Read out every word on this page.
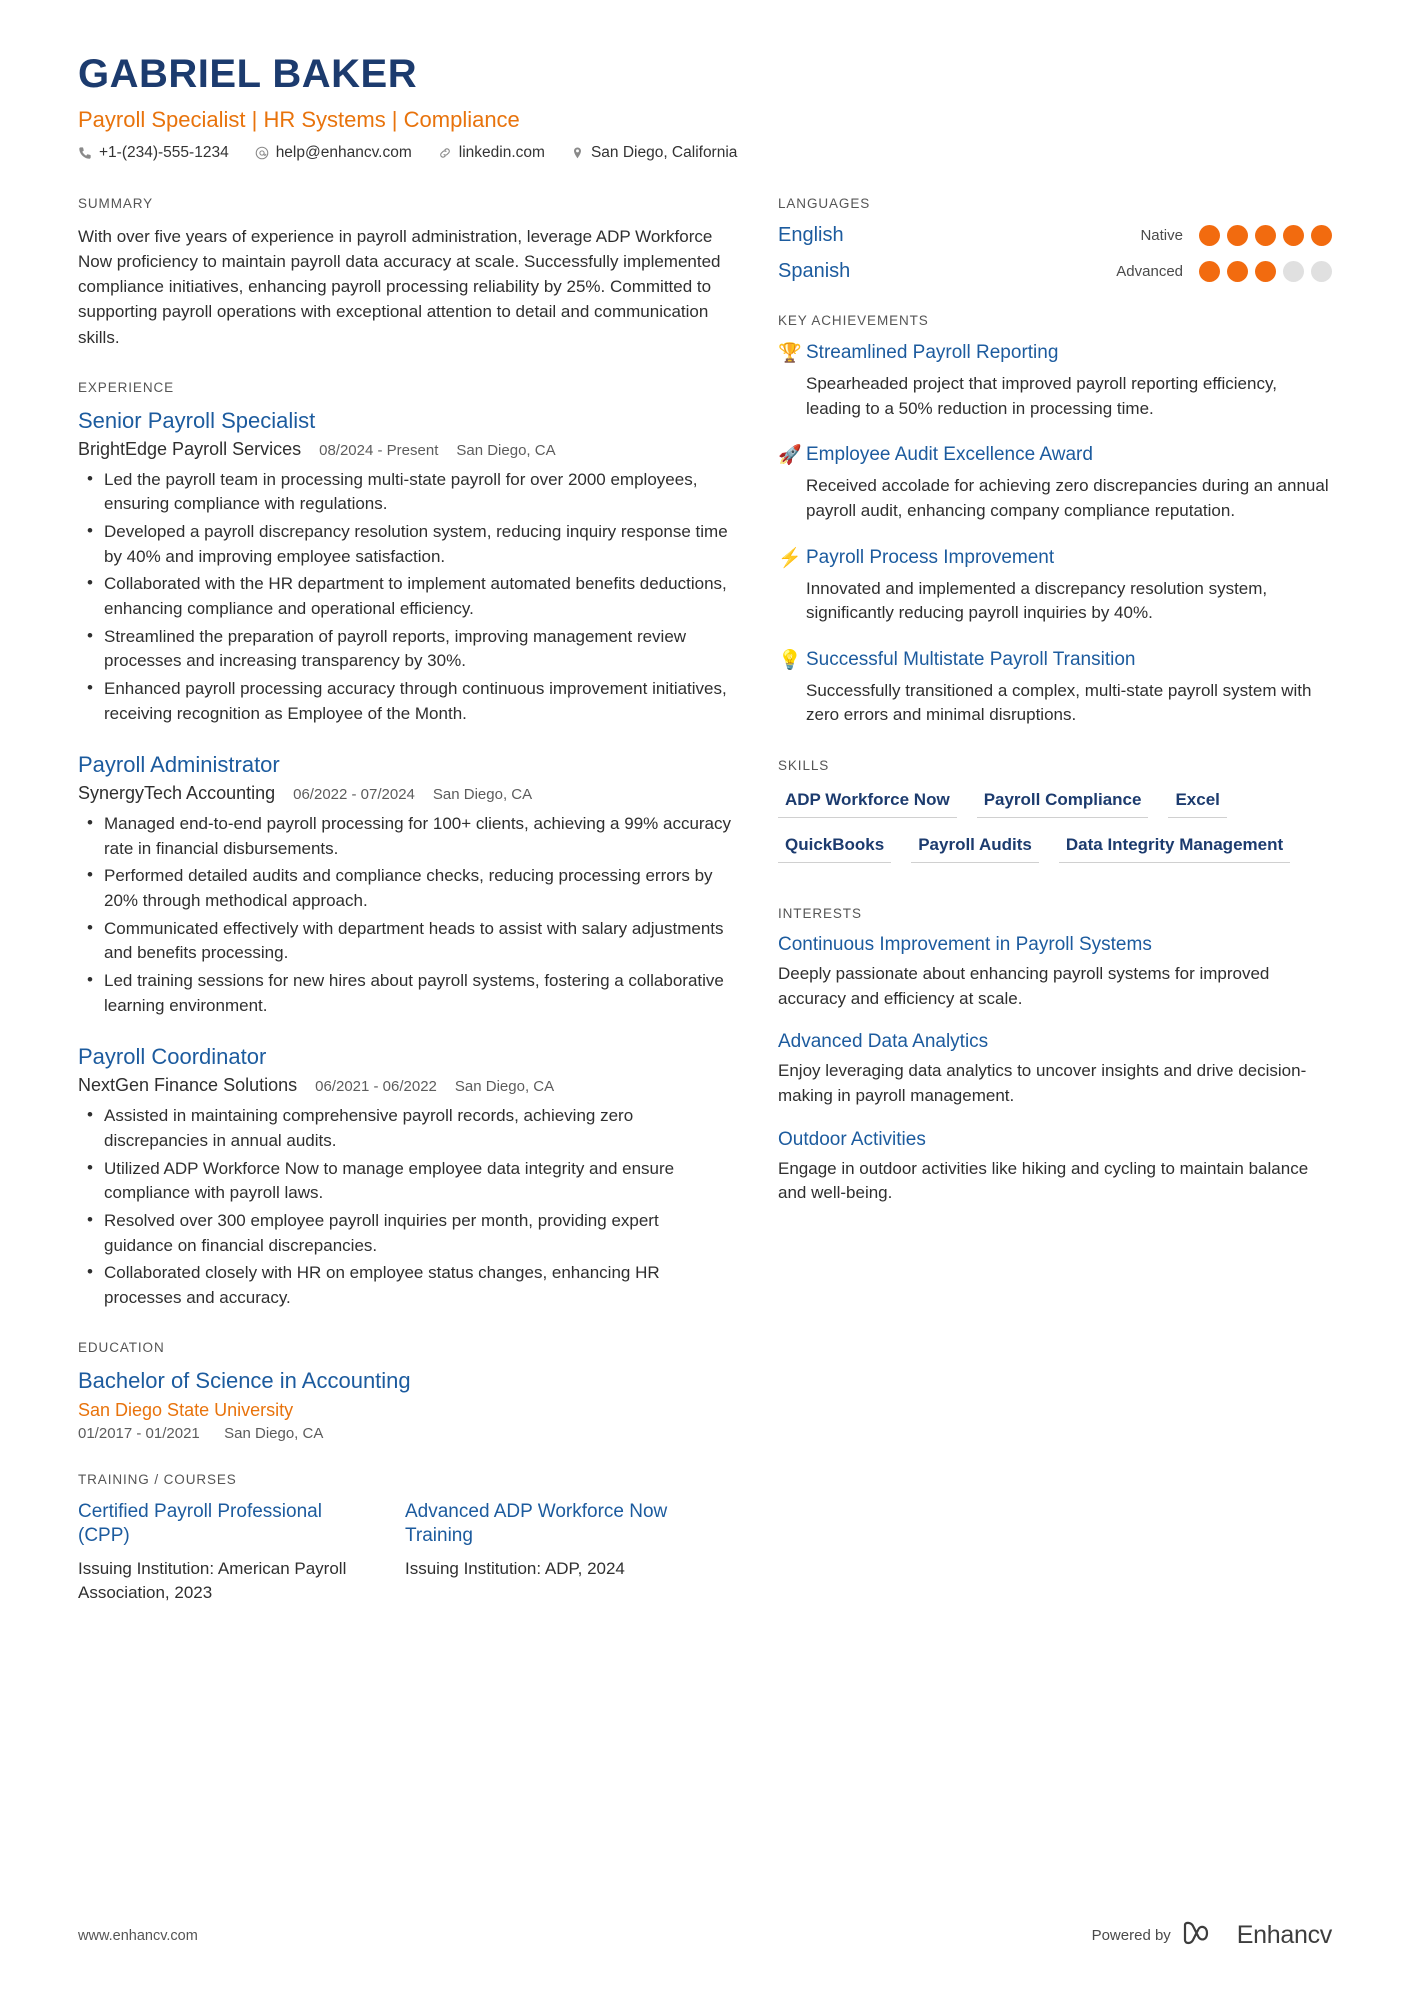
GABRIEL BAKER
Payroll Specialist | HR Systems | Compliance
+1-(234)-555-1234	help@enhancv.com	linkedin.com	San Diego, California
SUMMARY
With over five years of experience in payroll administration, leverage ADP Workforce Now proficiency to maintain payroll data accuracy at scale. Successfully implemented compliance initiatives, enhancing payroll processing reliability by 25%. Committed to supporting payroll operations with exceptional attention to detail and communication skills.
EXPERIENCE
Senior Payroll Specialist
BrightEdge Payroll Services 08/2024 - Present San Diego, CA
• Led the payroll team in processing multi-state payroll for over 2000 employees, ensuring compliance with regulations.
• Developed a payroll discrepancy resolution system, reducing inquiry response time by 40% and improving employee satisfaction.
• Collaborated with the HR department to implement automated benefits deductions, enhancing compliance and operational efficiency.
• Streamlined the preparation of payroll reports, improving management review processes and increasing transparency by 30%.
• Enhanced payroll processing accuracy through continuous improvement initiatives, receiving recognition as Employee of the Month.
Payroll Administrator
SynergyTech Accounting 06/2022 - 07/2024 San Diego, CA
• Managed end-to-end payroll processing for 100+ clients, achieving a 99% accuracy rate in financial disbursements.
• Performed detailed audits and compliance checks, reducing processing errors by 20% through methodical approach.
• Communicated effectively with department heads to assist with salary adjustments and benefits processing.
• Led training sessions for new hires about payroll systems, fostering a collaborative learning environment.
Payroll Coordinator
NextGen Finance Solutions 06/2021 - 06/2022 San Diego, CA
• Assisted in maintaining comprehensive payroll records, achieving zero discrepancies in annual audits.
• Utilized ADP Workforce Now to manage employee data integrity and ensure compliance with payroll laws.
• Resolved over 300 employee payroll inquiries per month, providing expert guidance on financial discrepancies.
• Collaborated closely with HR on employee status changes, enhancing HR processes and accuracy.
EDUCATION
Bachelor of Science in Accounting
San Diego State University
01/2017 - 01/2021 San Diego, CA
TRAINING / COURSES
Certified Payroll Professional (CPP)
Issuing Institution: American Payroll Association, 2023
Advanced ADP Workforce Now Training
Issuing Institution: ADP, 2024
LANGUAGES
English	Native
Spanish	Advanced
KEY ACHIEVEMENTS
🏆 Streamlined Payroll Reporting
Spearheaded project that improved payroll reporting efficiency, leading to a 50% reduction in processing time.
🚀 Employee Audit Excellence Award
Received accolade for achieving zero discrepancies during an annual payroll audit, enhancing company compliance reputation.
⚡ Payroll Process Improvement
Innovated and implemented a discrepancy resolution system, significantly reducing payroll inquiries by 40%.
💡 Successful Multistate Payroll Transition
Successfully transitioned a complex, multi-state payroll system with zero errors and minimal disruptions.
SKILLS
ADP Workforce Now	Payroll Compliance	Excel
QuickBooks	Payroll Audits	Data Integrity Management
INTERESTS
Continuous Improvement in Payroll Systems
Deeply passionate about enhancing payroll systems for improved accuracy and efficiency at scale.
Advanced Data Analytics
Enjoy leveraging data analytics to uncover insights and drive decision-making in payroll management.
Outdoor Activities
Engage in outdoor activities like hiking and cycling to maintain balance and well-being.
www.enhancv.com	Powered by	Enhancv
